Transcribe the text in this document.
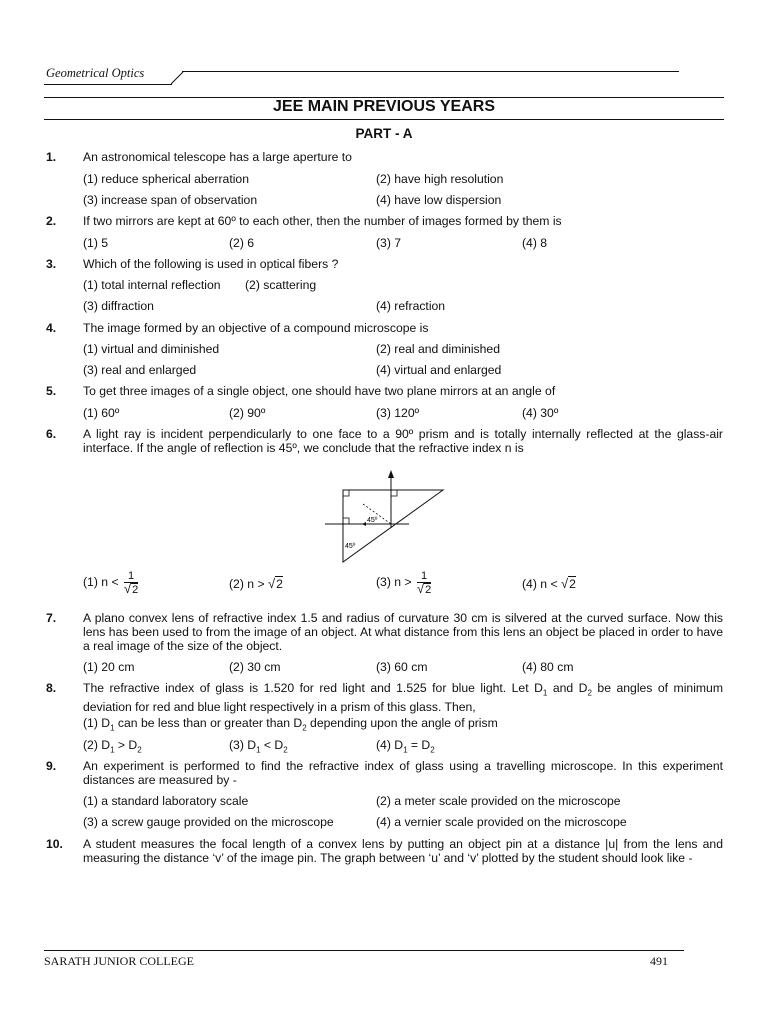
Geometrical Optics
JEE MAIN PREVIOUS YEARS
PART - A
1. An astronomical telescope has a large aperture to
(1) reduce spherical aberration	(2) have high resolution
(3) increase span of observation	(4) have low dispersion
2. If two mirrors are kept at 60º to each other, then the number of images formed by them is
(1) 5	(2) 6	(3) 7	(4) 8
3. Which of the following is used in optical fibers ?
(1) total internal reflection (2) scattering
(3) diffraction	(4) refraction
4. The image formed by an objective of a compound microscope is
(1) virtual and diminished	(2) real and diminished
(3) real and enlarged	(4) virtual and enlarged
5. To get three images of a single object, one should have two plane mirrors at an angle of
(1) 60º	(2) 90º	(3) 120º	(4) 30º
6. A light ray is incident perpendicularly to one face to a 90º prism and is totally internally reflected at the glass-air interface. If the angle of reflection is 45º, we conclude that the refractive index n is
45º
45º
(1) $n < \frac{1}{√2}$	(2) n > √2	(3) $n > \frac{1}{√2}$	(4) n < √2
7. A plano convex lens of refractive index 1.5 and radius of curvature 30 cm is silvered at the curved surface. Now this lens has been used to from the image of an object. At what distance from this lens an object be placed in order to have a real image of the size of the object.
(1) 20 cm	(2) 30 cm	(3) 60 cm	(4) 80 cm
8. The refractive index of glass is 1.520 for red light and 1.525 for blue light. Let $D_1$ and $D_2$ be angles of minimum deviation for red and blue light respectively in a prism of this glass. Then,
(1) $D_1$ can be less than or greater than $D_2$ depending upon the angle of prism
(2) $D_1 > D_2$	(3) $D_1 < D_2$	(4) $D_1 = D_2$
9. An experiment is performed to find the refractive index of glass using a travelling microscope. In this experiment distances are measured by -
(1) a standard laboratory scale	(2) a meter scale provided on the microscope
(3) a screw gauge provided on the microscope	(4) a vernier scale provided on the microscope
10. A student measures the focal length of a convex lens by putting an object pin at a distance |u| from the lens and measuring the distance ‘v’ of the image pin. The graph between ‘u’ and ‘v’ plotted by the student should look like -
SARATH JUNIOR COLLEGE	491
